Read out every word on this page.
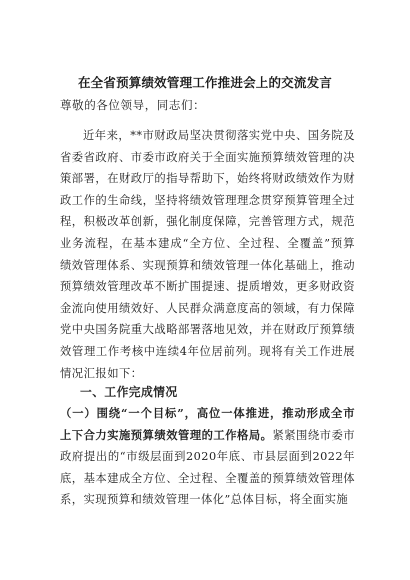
在全省预算绩效管理工作推进会上的交流发言
尊敬的各位领导，同志们：
近年来，**市财政局坚决贯彻落实党中央、国务院及省委省政府、市委市政府关于全面实施预算绩效管理的决策部署，在财政厅的指导帮助下，始终将财政绩效作为财政工作的生命线，坚持将绩效管理理念贯穿预算管理全过程，积极改革创新，强化制度保障，完善管理方式，规范业务流程，在基本建成“全方位、全过程、全覆盖”预算绩效管理体系、实现预算和绩效管理一体化基础上，推动预算绩效管理改革不断扩围提速、提质增效，更多财政资金流向使用绩效好、人民群众满意度高的领域，有力保障党中央国务院重大战略部署落地见效，并在财政厅预算绩效管理工作考核中连续4年位居前列。现将有关工作进展情况汇报如下：
一、工作完成情况
（一）围绕“一个目标”，高位一体推进，推动形成全市上下合力实施预算绩效管理的工作格局。紧紧围绕市委市政府提出的“市级层面到2020年底、市县层面到2022年底，基本建成全方位、全过程、全覆盖的预算绩效管理体系，实现预算和绩效管理一体化”总体目标，将全面实施
